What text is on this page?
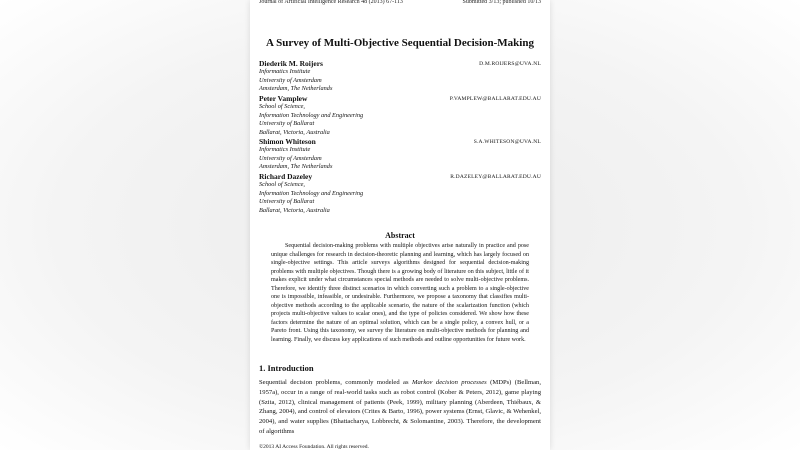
Journal of Artificial Intelligence Research 48 (2013) 67-113	Submitted 3/13; published 10/13
A Survey of Multi-Objective Sequential Decision-Making
Diederik M. Roijers	D.M.ROIJERS@UVA.NL
Informatics Institute
University of Amsterdam
Amsterdam, The Netherlands
Peter Vamplew	P.VAMPLEW@BALLARAT.EDU.AU
School of Science,
Information Technology and Engineering
University of Ballarat
Ballarat, Victoria, Australia
Shimon Whiteson	S.A.WHITESON@UVA.NL
Informatics Institute
University of Amsterdam
Amsterdam, The Netherlands
Richard Dazeley	R.DAZELEY@BALLARAT.EDU.AU
School of Science,
Information Technology and Engineering
University of Ballarat
Ballarat, Victoria, Australia
Abstract

Sequential decision-making problems with multiple objectives arise naturally in practice and pose unique challenges for research in decision-theoretic planning and learning, which has largely focused on single-objective settings. This article surveys algorithms designed for sequential decision-making problems with multiple objectives. Though there is a growing body of literature on this subject, little of it makes explicit under what circumstances special methods are needed to solve multi-objective problems. Therefore, we identify three distinct scenarios in which converting such a problem to a single-objective one is impossible, infeasible, or undesirable. Furthermore, we propose a taxonomy that classifies multi-objective methods according to the applicable scenario, the nature of the scalarization function (which projects multi-objective values to scalar ones), and the type of policies considered. We show how these factors determine the nature of an optimal solution, which can be a single policy, a convex hull, or a Pareto front. Using this taxonomy, we survey the literature on multi-objective methods for planning and learning. Finally, we discuss key applications of such methods and outline opportunities for future work.

1. Introduction

Sequential decision problems, commonly modeled as Markov decision processes (MDPs) (Bellman, 1957a), occur in a range of real-world tasks such as robot control (Kober & Peters, 2012), game playing (Szita, 2012), clinical management of patients (Peek, 1999), military planning (Aberdeen, Thiébaux, & Zhang, 2004), and control of elevators (Crites & Barto, 1996), power systems (Ernst, Glavic, & Wehenkel, 2004), and water supplies (Bhattacharya, Lobbrecht, & Solomantine, 2003). Therefore, the development of algorithms

©2013 AI Access Foundation. All rights reserved.
